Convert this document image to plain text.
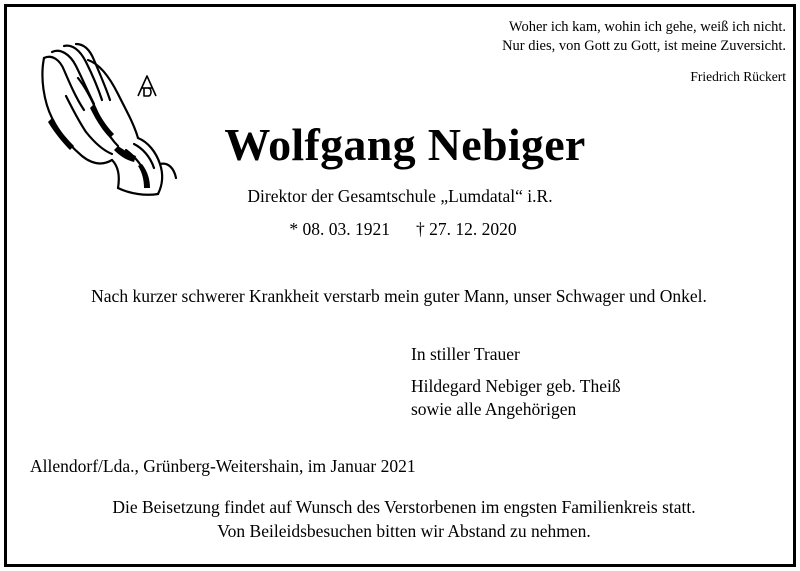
Woher ich kam, wohin ich gehe, weiß ich nicht.
Nur dies, von Gott zu Gott, ist meine Zuversicht.
Friedrich Rückert
Wolfgang Nebiger
Direktor der Gesamtschule „Lumdatal“ i.R.
* 08. 03. 1921 † 27. 12. 2020
Nach kurzer schwerer Krankheit verstarb mein guter Mann, unser Schwager und Onkel.
In stiller Trauer
Hildegard Nebiger geb. Theiß
sowie alle Angehörigen
Allendorf/Lda., Grünberg-Weitershain, im Januar 2021
Die Beisetzung findet auf Wunsch des Verstorbenen im engsten Familienkreis statt.
Von Beileidsbesuchen bitten wir Abstand zu nehmen.
